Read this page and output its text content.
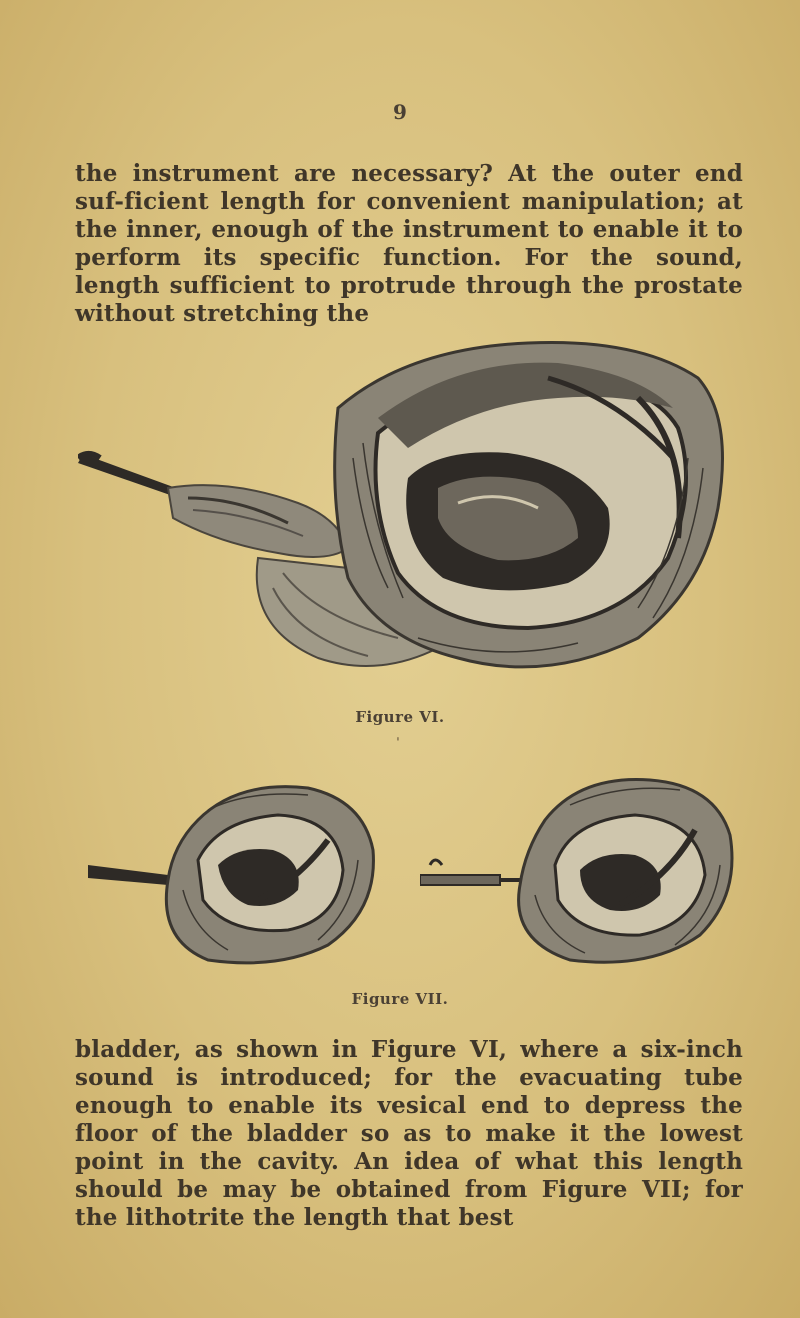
9
the instrument are necessary? At the outer end suf-ficient length for convenient manipulation; at the inner, enough of the instrument to enable it to perform its specific function. For the sound, length sufficient to protrude through the prostate without stretching the
Figure VI.
ˈ
Figure VII.
bladder, as shown in Figure VI, where a six-inch sound is introduced; for the evacuating tube enough to enable its vesical end to depress the floor of the bladder so as to make it the lowest point in the cavity. An idea of what this length should be may be obtained from Figure VII; for the lithotrite the length that best
